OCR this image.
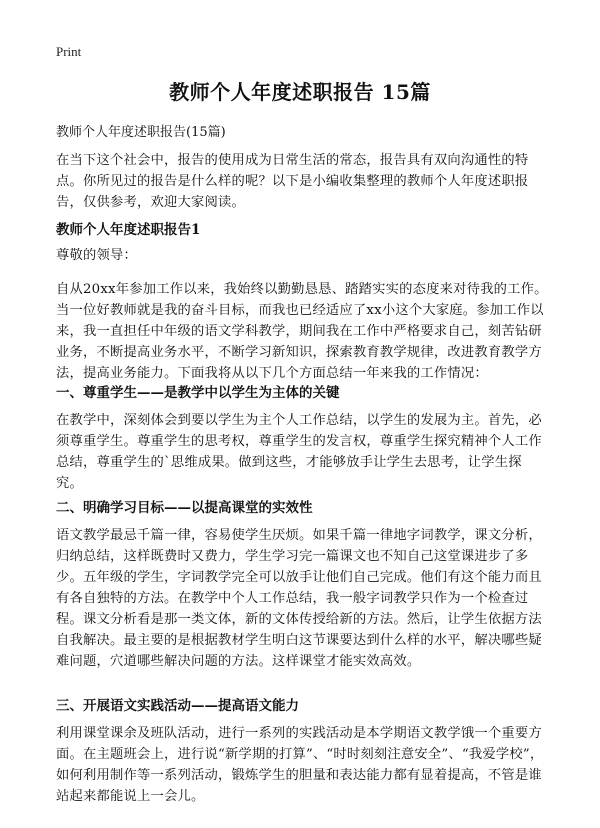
Print
教师个人年度述职报告 15篇
教师个人年度述职报告(15篇)

在当下这个社会中，报告的使用成为日常生活的常态，报告具有双向沟通性的特点。你所见过的报告是什么样的呢？以下是小编收集整理的教师个人年度述职报告，仅供参考，欢迎大家阅读。

教师个人年度述职报告1

尊敬的领导：

自从20xx年参加工作以来，我始终以勤勤恳恳、踏踏实实的态度来对待我的工作。当一位好教师就是我的奋斗目标，而我也已经适应了xx小这个大家庭。参加工作以来，我一直担任中年级的语文学科教学，期间我在工作中严格要求自己，刻苦钻研业务，不断提高业务水平，不断学习新知识，探索教育教学规律，改进教育教学方法，提高业务能力。下面我将从以下几个方面总结一年来我的工作情况：

一、尊重学生——是教学中以学生为主体的关键

在教学中，深刻体会到要以学生为主个人工作总结，以学生的发展为主。首先，必须尊重学生。尊重学生的思考权，尊重学生的发言权，尊重学生探究精神个人工作总结，尊重学生的`思维成果。做到这些，才能够放手让学生去思考，让学生探究。

二、明确学习目标——以提高课堂的实效性

语文教学最忌千篇一律，容易使学生厌烦。如果千篇一律地字词教学，课文分析，归纳总结，这样既费时又费力，学生学习完一篇课文也不知自己这堂课进步了多少。五年级的学生，字词教学完全可以放手让他们自己完成。他们有这个能力而且有各自独特的方法。在教学中个人工作总结，我一般字词教学只作为一个检查过程。课文分析看是那一类文体，新的文体传授给新的方法。然后，让学生依据方法自我解决。最主要的是根据教材学生明白这节课要达到什么样的水平，解决哪些疑难问题，穴道哪些解决问题的方法。这样课堂才能实效高效。

三、开展语文实践活动——提高语文能力

利用课堂课余及班队活动，进行一系列的实践活动是本学期语文教学饿一个重要方面。在主题班会上，进行说“新学期的打算”、“时时刻刻注意安全”、“我爱学校”，如何利用制作等一系列活动，锻炼学生的胆量和表达能力都有显着提高，不管是谁站起来都能说上一会儿。
